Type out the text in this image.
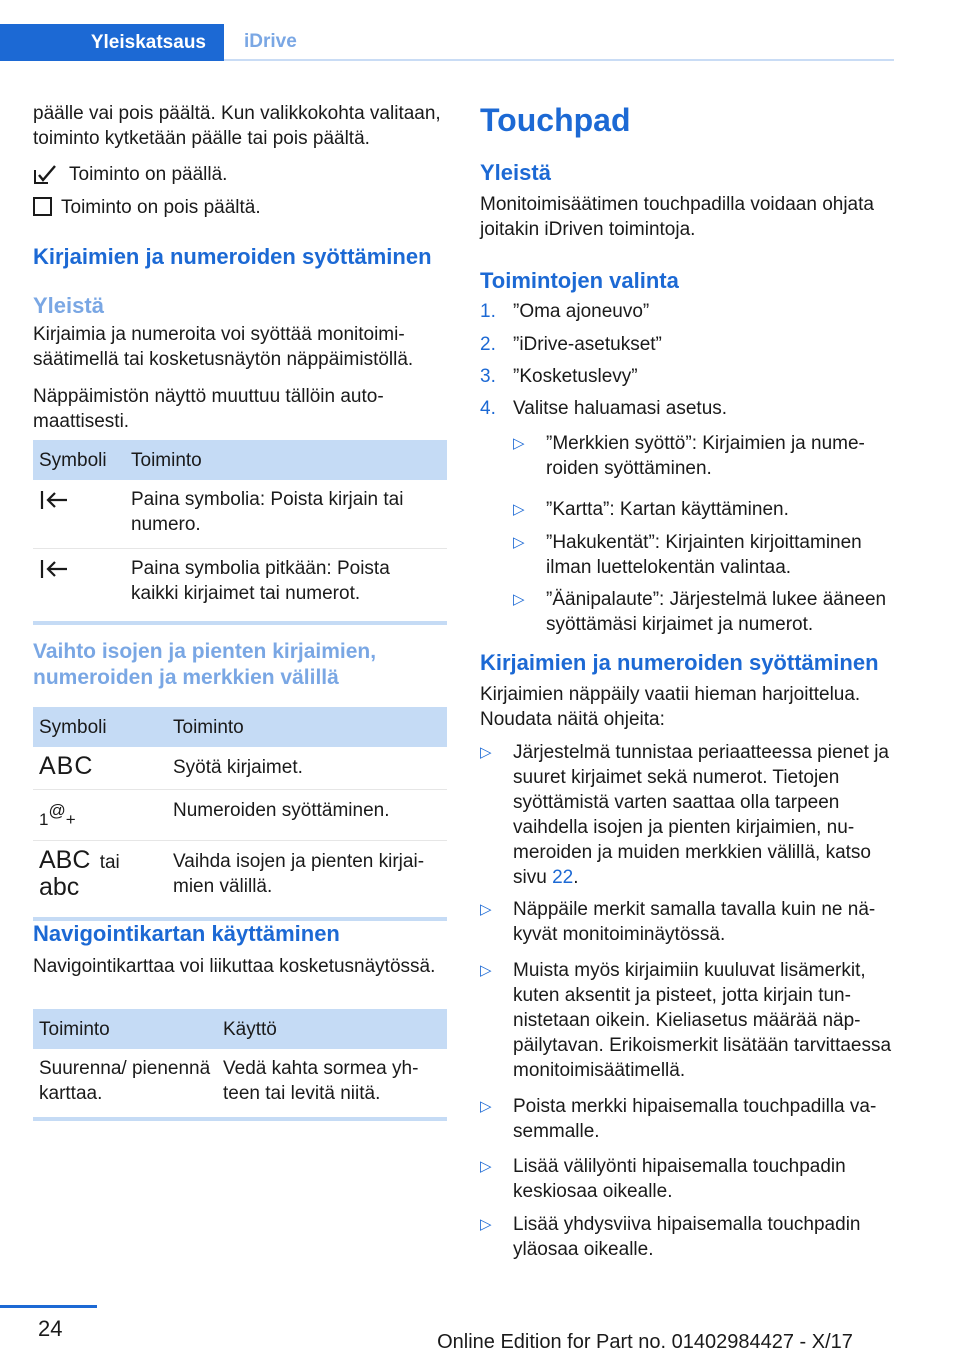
Yleiskatsaus	iDrive

päälle vai pois päältä. Kun valikkokohta valitaan, toiminto kytketään päälle tai pois päältä.

Toiminto on päällä.
Toiminto on pois päältä.

Kirjaimien ja numeroiden syöttäminen

Yleistä

Kirjaimia ja numeroita voi syöttää monitoimisäätimellä tai kosketusnäytön näppäimistöllä.

Näppäimistön näyttö muuttuu tällöin automaattisesti.

Symboli	Toiminto
	Paina symbolia: Poista kirjain tai numero.
	Paina symbolia pitkään: Poista kaikki kirjaimet tai numerot.

Vaihto isojen ja pienten kirjaimien, numeroiden ja merkkien välillä

Symboli	Toiminto
ABC	Syötä kirjaimet.
1@+	Numeroiden syöttäminen.

ABC tai
abc	Vaihda isojen ja pienten kirjaimien välillä.

Navigointikartan käyttäminen

Navigointikarttaa voi liikuttaa kosketusnäytössä.

Toiminto	Käyttö
Suurenna/ pienennä karttaa.	Vedä kahta sormea yhteen tai levitä niitä.

Touchpad

Yleistä

Monitoimisäätimen touchpadilla voidaan ohjata joitakin iDriven toimintoja.

Toimintojen valinta

1. ”Oma ajoneuvo”
2. ”iDrive-asetukset”
3. ”Kosketuslevy”
4. Valitse haluamasi asetus.
▷ ”Merkkien syöttö”: Kirjaimien ja numeroiden syöttäminen.
▷ ”Kartta”: Kartan käyttäminen.
▷ ”Hakukentät”: Kirjainten kirjoittaminen ilman luettelokentän valintaa.
▷ ”Äänipalaute”: Järjestelmä lukee ääneen syöttämäsi kirjaimet ja numerot.

Kirjaimien ja numeroiden syöttäminen

Kirjaimien näppäily vaatii hieman harjoittelua. Noudata näitä ohjeita:

▷ Järjestelmä tunnistaa periaatteessa pienet ja suuret kirjaimet sekä numerot. Tietojen syöttämistä varten saattaa olla tarpeen vaihdella isojen ja pienten kirjaimien, numeroiden ja muiden merkkien välillä, katso sivu 22.
▷ Näppäile merkit samalla tavalla kuin ne näkyvät monitoiminäytössä.
▷ Muista myös kirjaimiin kuuluvat lisämerkit, kuten aksentit ja pisteet, jotta kirjain tunnistetaan oikein. Kieliasetus määrää näppäilytavan. Erikoismerkit lisätään tarvittaessa monitoimisäätimellä.
▷ Poista merkki hipaisemalla touchpadilla vasemmalle.
▷ Lisää välilyönti hipaisemalla touchpadin keskiosaa oikealle.
▷ Lisää yhdysviiva hipaisemalla touchpadin yläosaa oikealle.
24
Online Edition for Part no. 01402984427 - X/17
